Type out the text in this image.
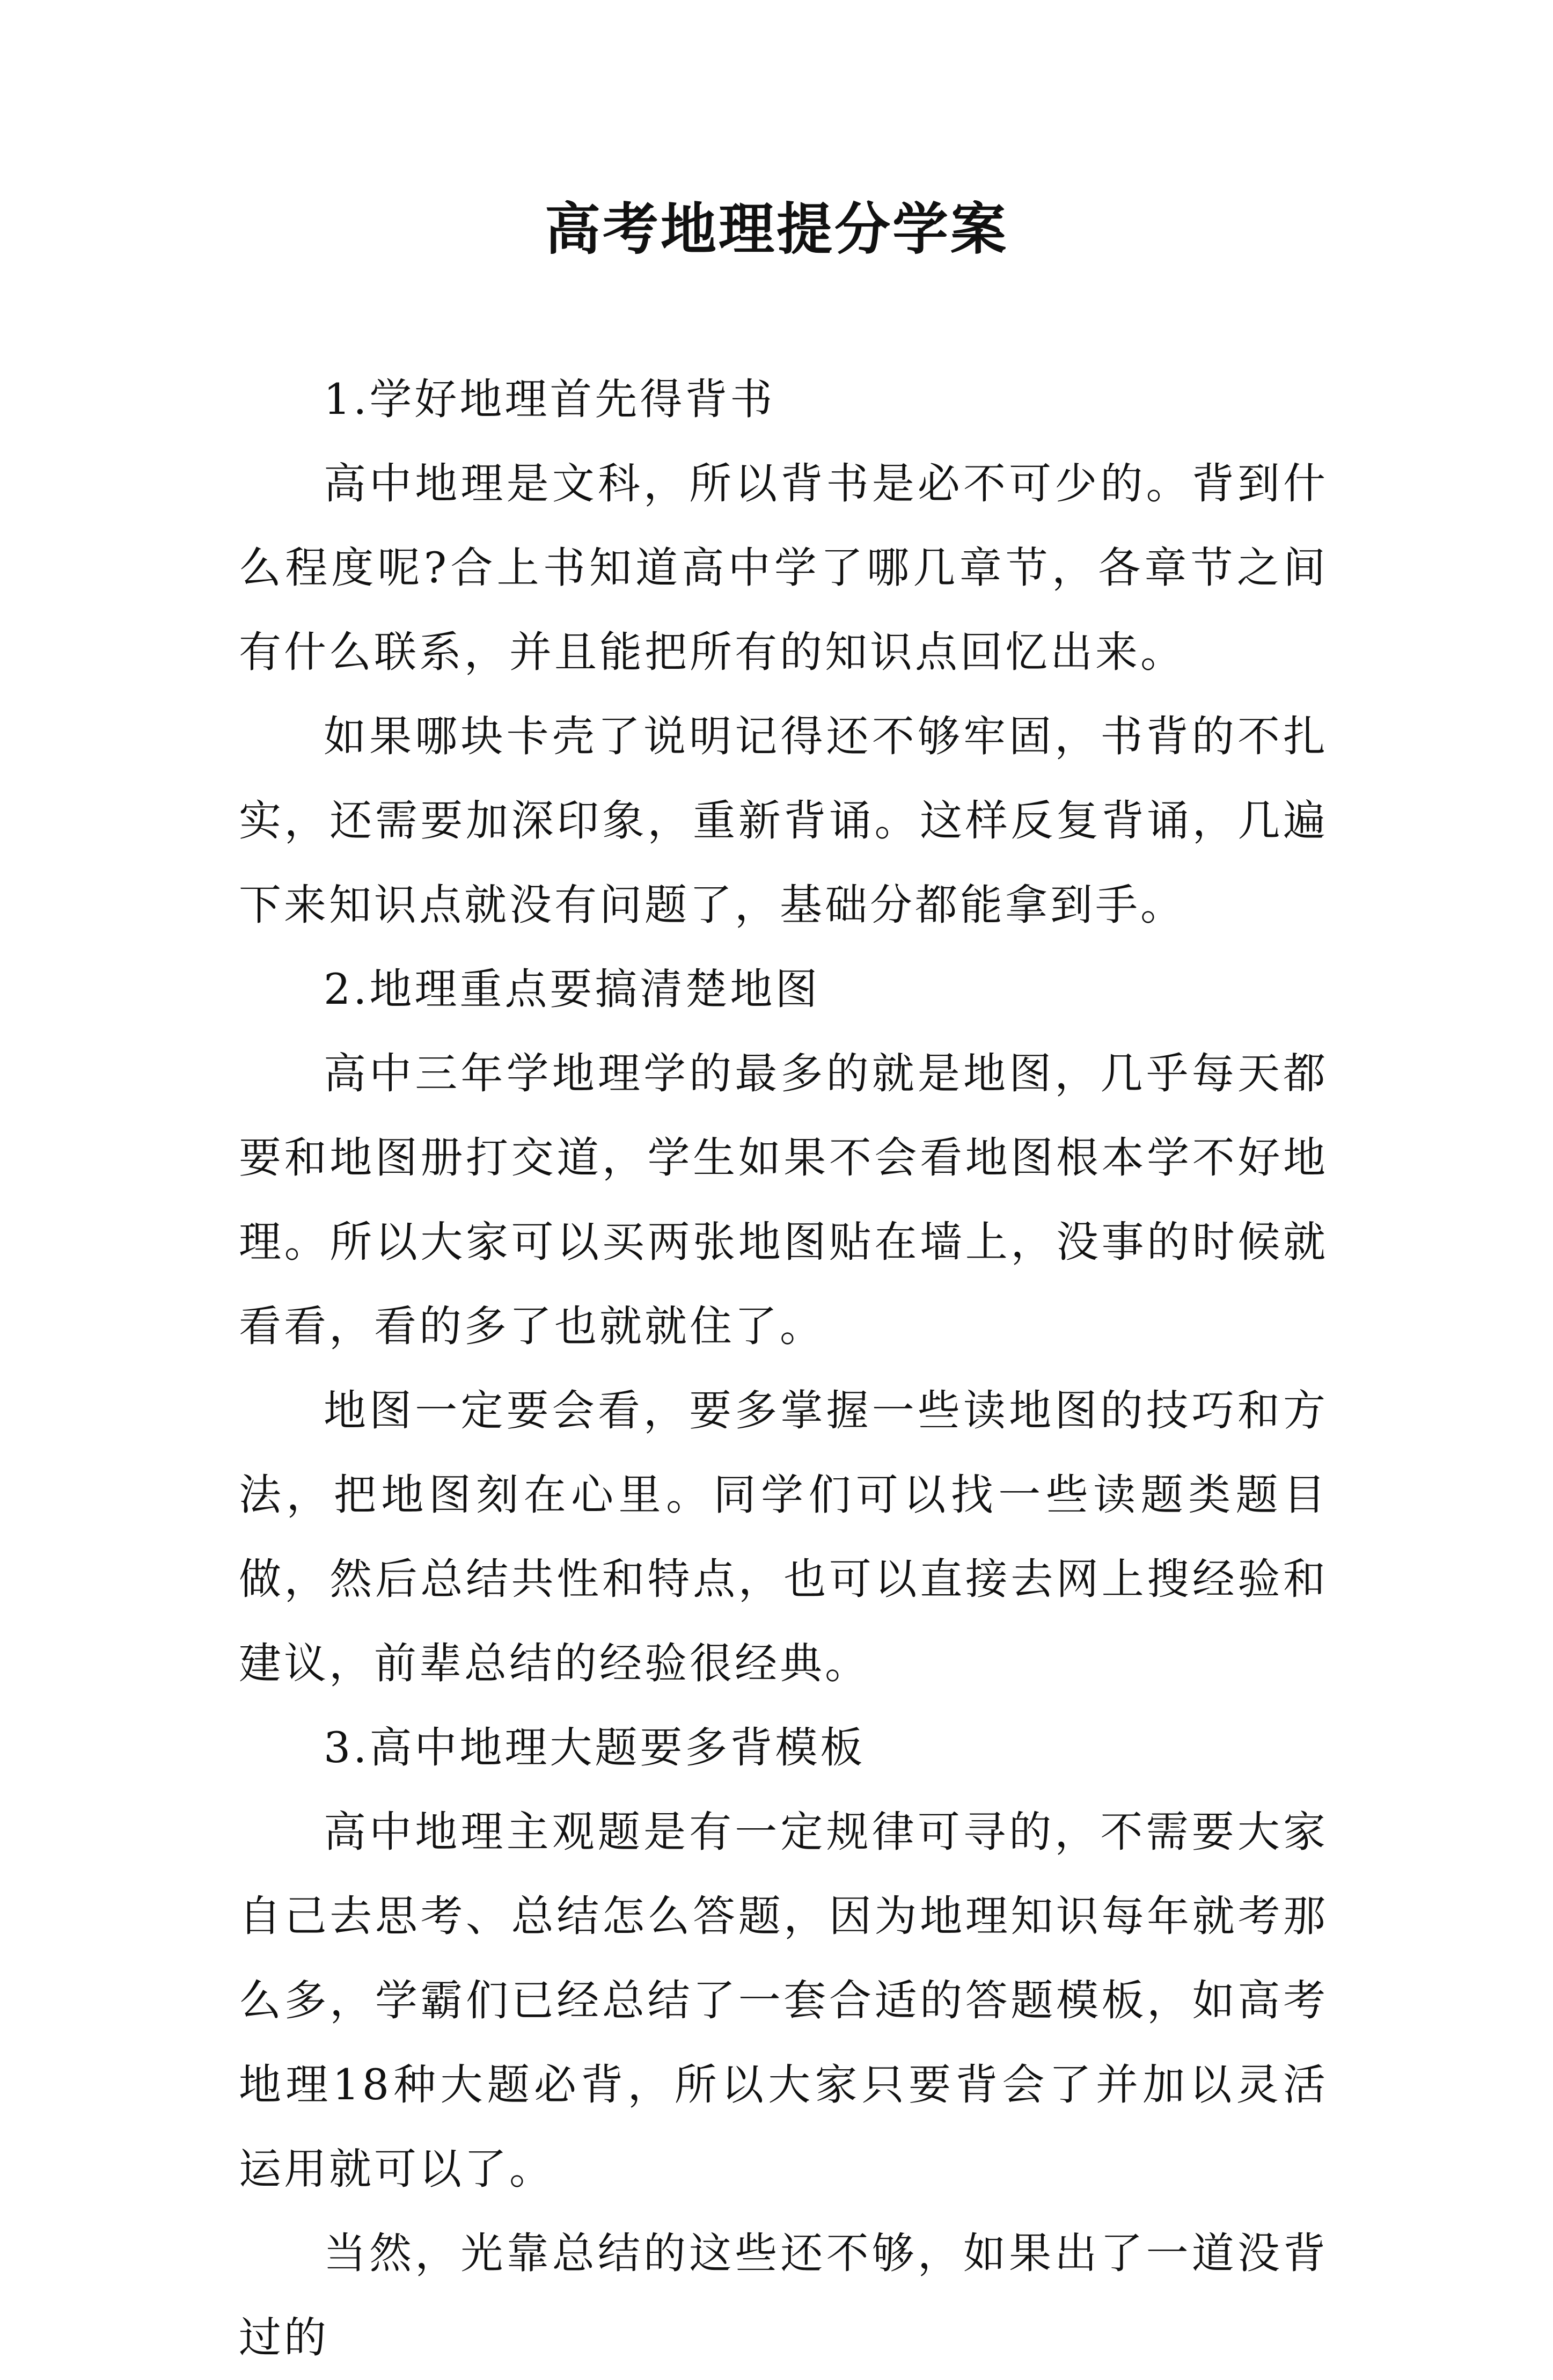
高考地理提分学案

1.学好地理首先得背书

高中地理是文科，所以背书是必不可少的。背到什么程度呢?合上书知道高中学了哪几章节，各章节之间有什么联系，并且能把所有的知识点回忆出来。

如果哪块卡壳了说明记得还不够牢固，书背的不扎实，还需要加深印象，重新背诵。这样反复背诵，几遍下来知识点就没有问题了，基础分都能拿到手。

2.地理重点要搞清楚地图

高中三年学地理学的最多的就是地图，几乎每天都要和地图册打交道，学生如果不会看地图根本学不好地理。所以大家可以买两张地图贴在墙上，没事的时候就看看，看的多了也就就住了。

地图一定要会看，要多掌握一些读地图的技巧和方法，把地图刻在心里。同学们可以找一些读题类题目做，然后总结共性和特点，也可以直接去网上搜经验和建议，前辈总结的经验很经典。

3.高中地理大题要多背模板

高中地理主观题是有一定规律可寻的，不需要大家自己去思考、总结怎么答题，因为地理知识每年就考那么多，学霸们已经总结了一套合适的答题模板，如高考地理18种大题必背，所以大家只要背会了并加以灵活运用就可以了。

当然，光靠总结的这些还不够，如果出了一道没背过的
